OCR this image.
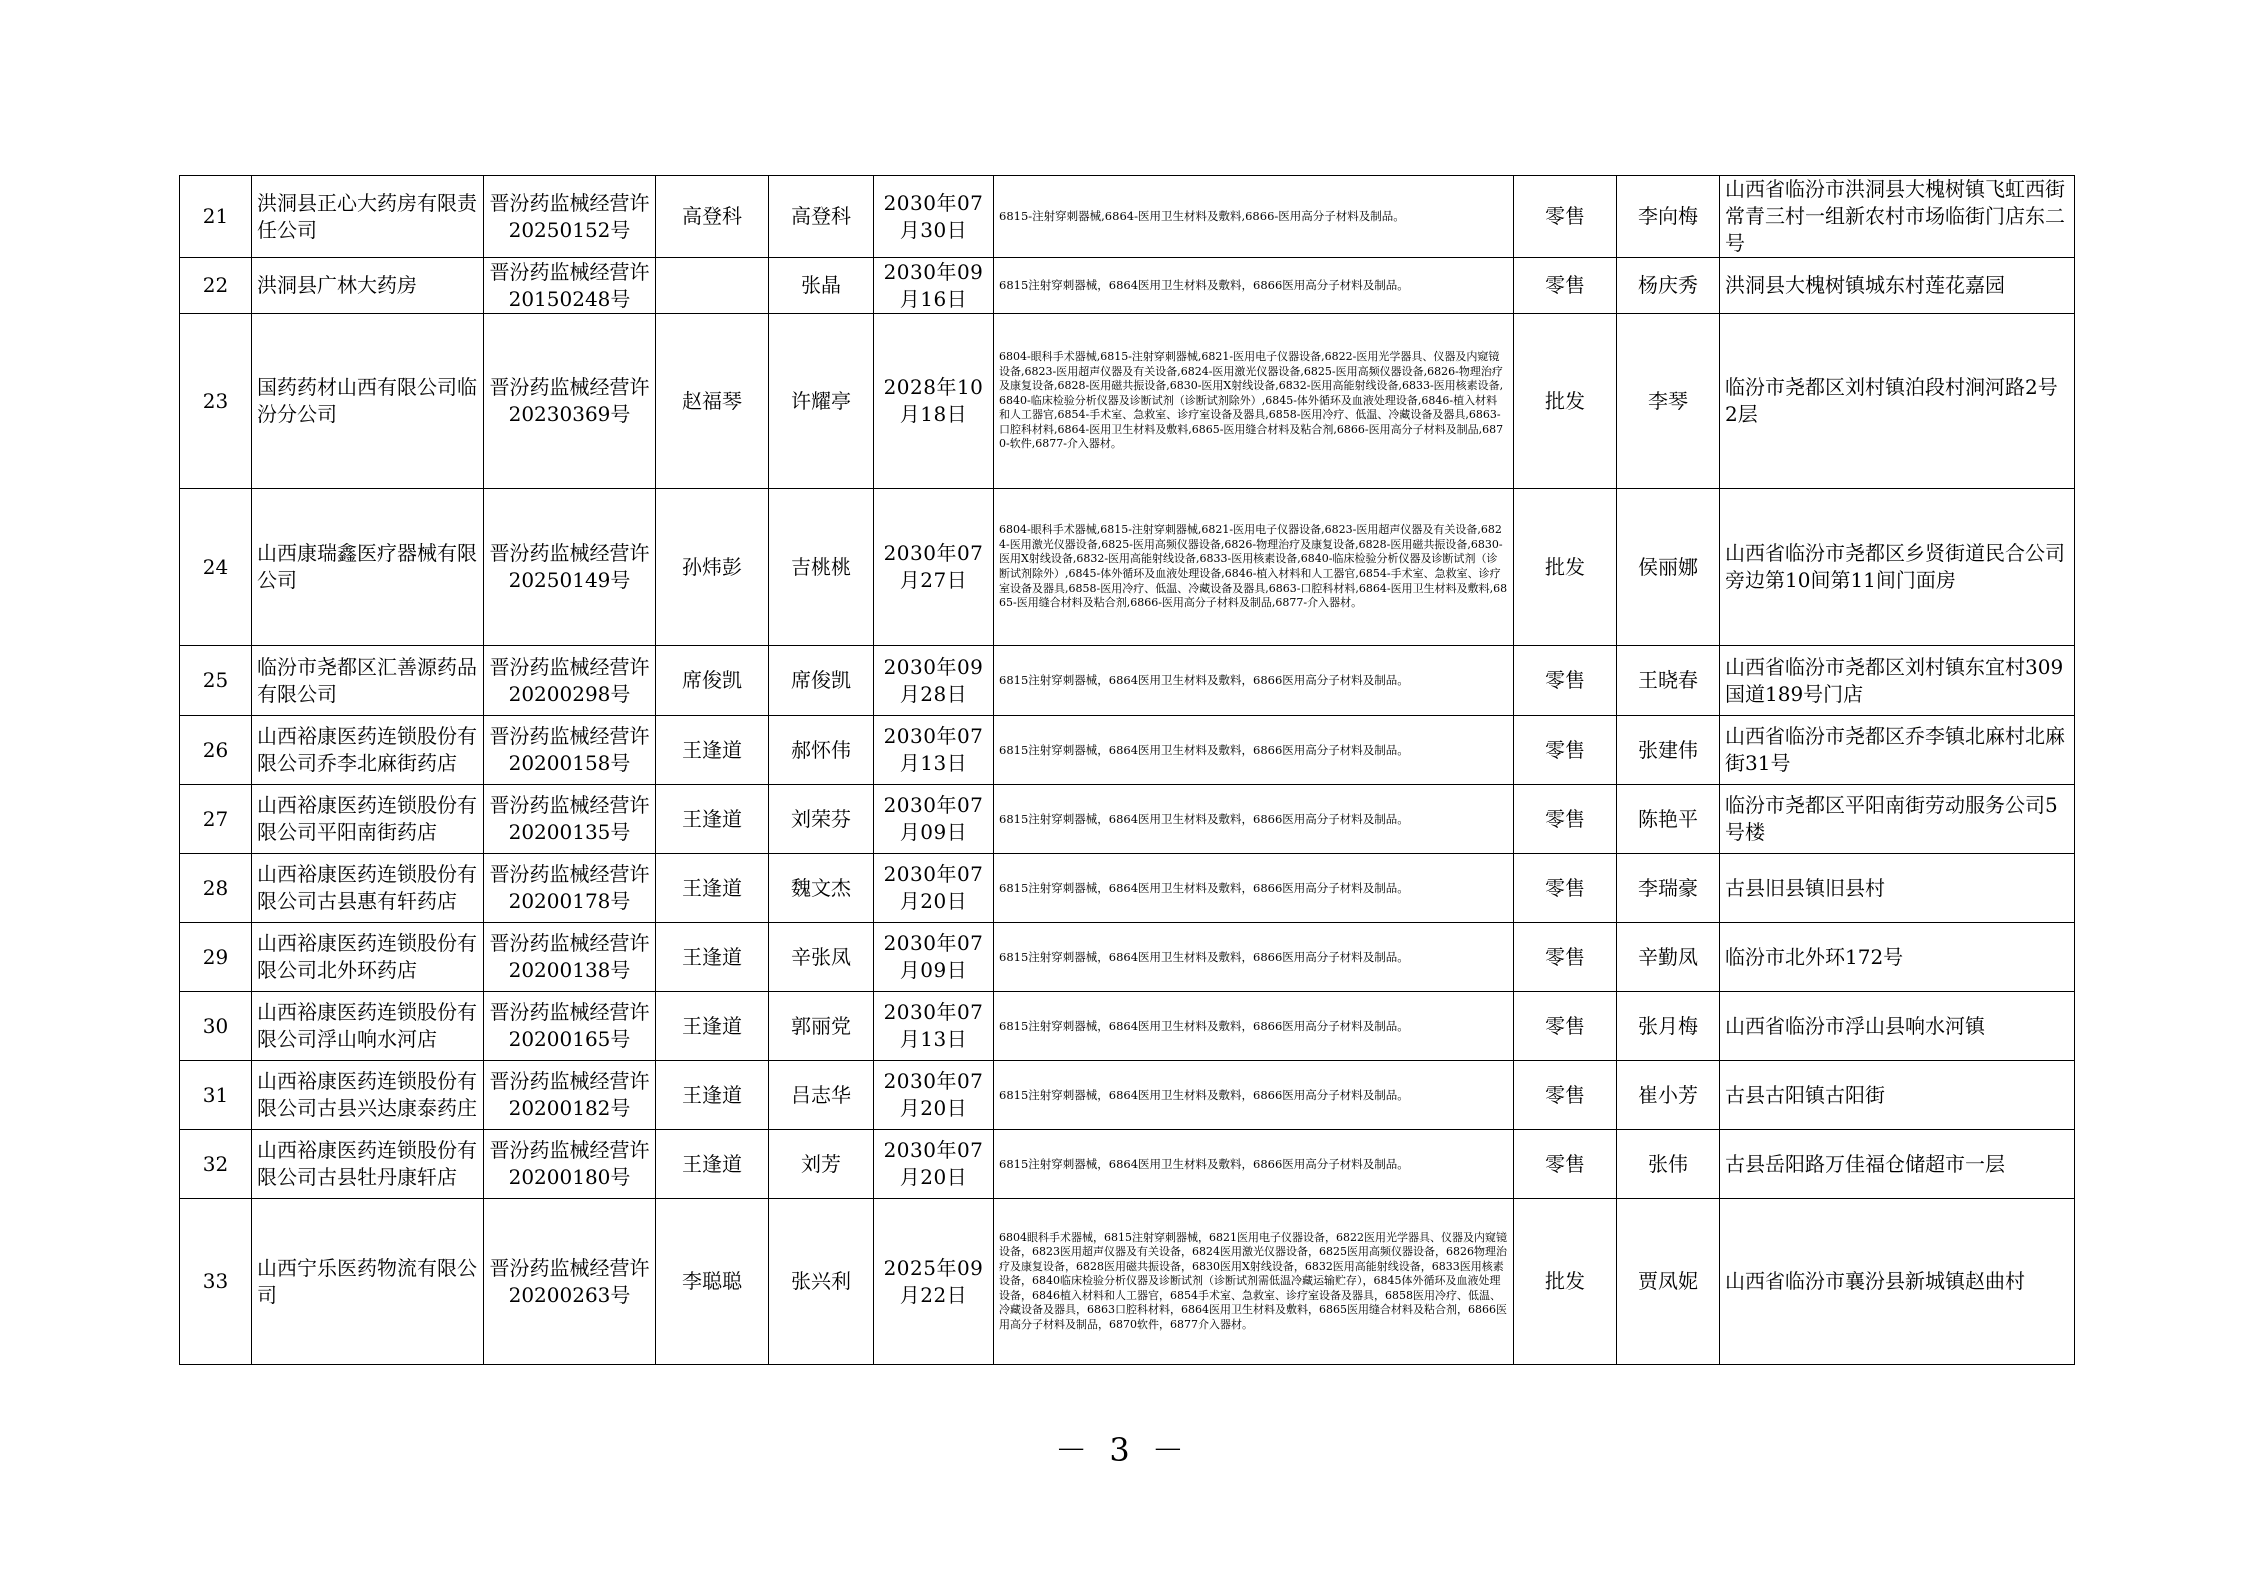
21	洪洞县正心大药房有限责任公司	晋汾药监械经营许20250152号	高登科	高登科	2030年07月30日	6815-注射穿刺器械,6864-医用卫生材料及敷料,6866-医用高分子材料及制品。	零售	李向梅	山西省临汾市洪洞县大槐树镇飞虹西街常青三村一组新农村市场临街门店东二号
22	洪洞县广林大药房	晋汾药监械经营许20150248号		张晶	2030年09月16日	6815注射穿刺器械，6864医用卫生材料及敷料，6866医用高分子材料及制品。	零售	杨庆秀	洪洞县大槐树镇城东村莲花嘉园
23	国药药材山西有限公司临汾分公司	晋汾药监械经营许20230369号	赵福琴	许耀亭	2028年10月18日	6804-眼科手术器械,6815-注射穿刺器械,6821-医用电子仪器设备,6822-医用光学器具、仪器及内窥镜设备,6823-医用超声仪器及有关设备,6824-医用激光仪器设备,6825-医用高频仪器设备,6826-物理治疗及康复设备,6828-医用磁共振设备,6830-医用X射线设备,6832-医用高能射线设备,6833-医用核素设备,6840-临床检验分析仪器及诊断试剂（诊断试剂除外）,6845-体外循环及血液处理设备,6846-植入材料和人工器官,6854-手术室、急救室、诊疗室设备及器具,6858-医用冷疗、低温、冷藏设备及器具,6863-口腔科材料,6864-医用卫生材料及敷料,6865-医用缝合材料及粘合剂,6866-医用高分子材料及制品,6870-软件,6877-介入器材。	批发	李琴	临汾市尧都区刘村镇泊段村涧河路2号2层
24	山西康瑞鑫医疗器械有限公司	晋汾药监械经营许20250149号	孙炜彭	吉桃桃	2030年07月27日	6804-眼科手术器械,6815-注射穿刺器械,6821-医用电子仪器设备,6823-医用超声仪器及有关设备,6824-医用激光仪器设备,6825-医用高频仪器设备,6826-物理治疗及康复设备,6828-医用磁共振设备,6830-医用X射线设备,6832-医用高能射线设备,6833-医用核素设备,6840-临床检验分析仪器及诊断试剂（诊断试剂除外）,6845-体外循环及血液处理设备,6846-植入材料和人工器官,6854-手术室、急救室、诊疗室设备及器具,6858-医用冷疗、低温、冷藏设备及器具,6863-口腔科材料,6864-医用卫生材料及敷料,6865-医用缝合材料及粘合剂,6866-医用高分子材料及制品,6877-介入器材。	批发	侯丽娜	山西省临汾市尧都区乡贤街道民合公司旁边第10间第11间门面房
25	临汾市尧都区汇善源药品有限公司	晋汾药监械经营许20200298号	席俊凯	席俊凯	2030年09月28日	6815注射穿刺器械，6864医用卫生材料及敷料，6866医用高分子材料及制品。	零售	王晓春	山西省临汾市尧都区刘村镇东宜村309国道189号门店
26	山西裕康医药连锁股份有限公司乔李北麻街药店	晋汾药监械经营许20200158号	王逢道	郝怀伟	2030年07月13日	6815注射穿刺器械，6864医用卫生材料及敷料，6866医用高分子材料及制品。	零售	张建伟	山西省临汾市尧都区乔李镇北麻村北麻街31号
27	山西裕康医药连锁股份有限公司平阳南街药店	晋汾药监械经营许20200135号	王逢道	刘荣芬	2030年07月09日	6815注射穿刺器械，6864医用卫生材料及敷料，6866医用高分子材料及制品。	零售	陈艳平	临汾市尧都区平阳南街劳动服务公司5号楼
28	山西裕康医药连锁股份有限公司古县惠有轩药店	晋汾药监械经营许20200178号	王逢道	魏文杰	2030年07月20日	6815注射穿刺器械，6864医用卫生材料及敷料，6866医用高分子材料及制品。	零售	李瑞豪	古县旧县镇旧县村
29	山西裕康医药连锁股份有限公司北外环药店	晋汾药监械经营许20200138号	王逢道	辛张凤	2030年07月09日	6815注射穿刺器械，6864医用卫生材料及敷料，6866医用高分子材料及制品。	零售	辛勤凤	临汾市北外环172号
30	山西裕康医药连锁股份有限公司浮山响水河店	晋汾药监械经营许20200165号	王逢道	郭丽党	2030年07月13日	6815注射穿刺器械，6864医用卫生材料及敷料，6866医用高分子材料及制品。	零售	张月梅	山西省临汾市浮山县响水河镇
31	山西裕康医药连锁股份有限公司古县兴达康泰药庄	晋汾药监械经营许20200182号	王逢道	吕志华	2030年07月20日	6815注射穿刺器械，6864医用卫生材料及敷料，6866医用高分子材料及制品。	零售	崔小芳	古县古阳镇古阳街
32	山西裕康医药连锁股份有限公司古县牡丹康轩店	晋汾药监械经营许20200180号	王逢道	刘芳	2030年07月20日	6815注射穿刺器械，6864医用卫生材料及敷料，6866医用高分子材料及制品。	零售	张伟	古县岳阳路万佳福仓储超市一层
33	山西宁乐医药物流有限公司	晋汾药监械经营许20200263号	李聪聪	张兴利	2025年09月22日	6804眼科手术器械，6815注射穿刺器械，6821医用电子仪器设备，6822医用光学器具、仪器及内窥镜设备，6823医用超声仪器及有关设备，6824医用激光仪器设备，6825医用高频仪器设备，6826物理治疗及康复设备，6828医用磁共振设备，6830医用X射线设备，6832医用高能射线设备，6833医用核素设备，6840临床检验分析仪器及诊断试剂（诊断试剂需低温冷藏运输贮存），6845体外循环及血液处理设备，6846植入材料和人工器官，6854手术室、急救室、诊疗室设备及器具，6858医用冷疗、低温、冷藏设备及器具，6863口腔科材料，6864医用卫生材料及敷料，6865医用缝合材料及粘合剂，6866医用高分子材料及制品，6870软件，6877介入器材。	批发	贾凤妮	山西省临汾市襄汾县新城镇赵曲村
－ 3 －
